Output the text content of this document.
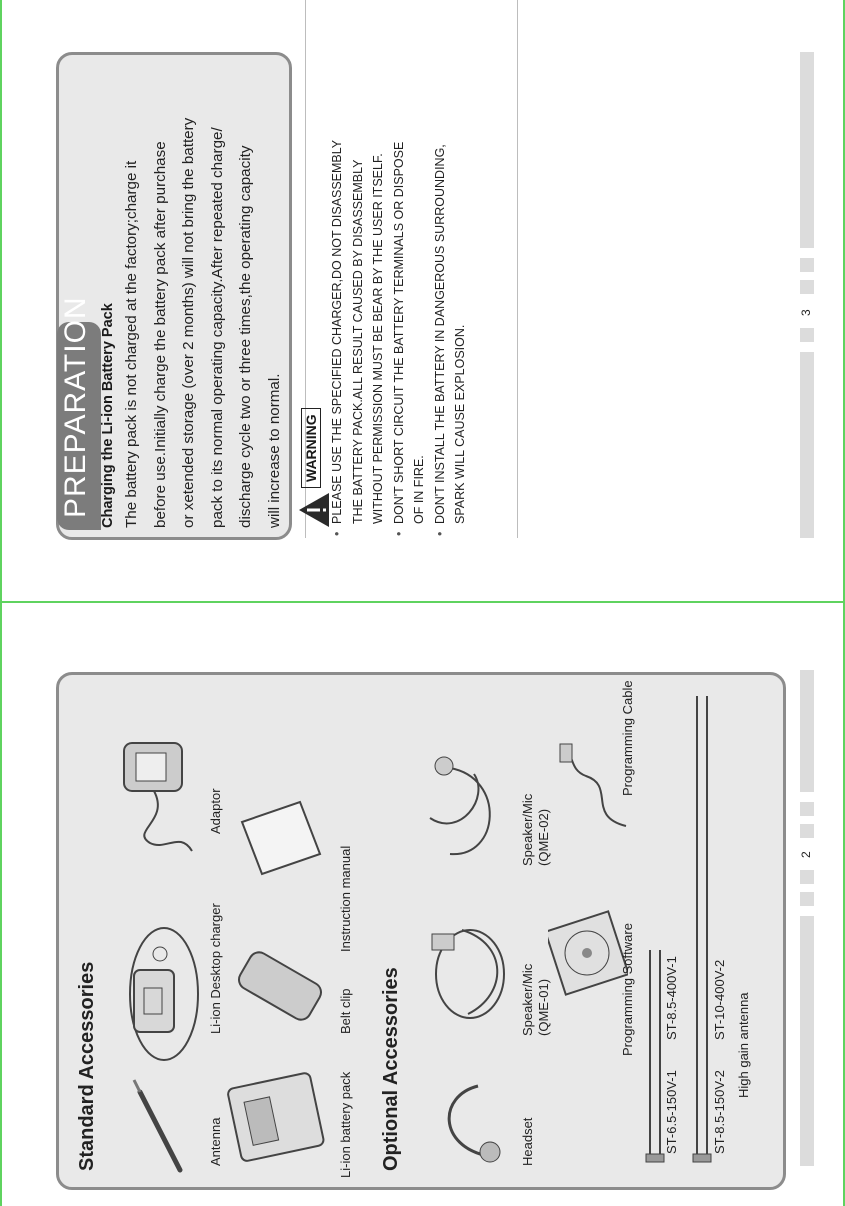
Standard Accessories	Antenna
Li-ion Desktop charger
Adaptor
Li-ion battery pack
Belt clip
Instruction manual
Optional Accessories	Headset
Speaker/Mic (QME-01)
Speaker/Mic (QME-02)
Programming Software
Programming Cable
ST-6.5-150V-1
ST-8.5-400V-1
ST-8.5-150V-2
ST-10-400V-2 High gain antenna
2
PREPARATION Charging the Li-ion Battery Pack The battery pack is not charged at the factory;charge it before use.Initially charge the battery pack after purchase or xetended storage (over 2 months) will not bring the battery pack to its normal operating capacity.After repeated charge/ discharge cycle two or three times,the operating capacity will increase to normal.	WARNING • PLEASE USE THE SPECIFIED CHARGER,DO NOT DISASSEMBLY THE BATTERY PACK.ALL RESULT CAUSED BY DISASSEMBLY WITHOUT PERMISSION MUST BE BEAR BY THE USER ITSELF. • DON'T SHORT CIRCUIT THE BATTERY TERMINALS OR DISPOSE OF IN FIRE. • DON'T INSTALL THE BATTERY IN DANGEROUS SURROUNDING, SPARK WILL CAUSE EXPLOSION.
3
